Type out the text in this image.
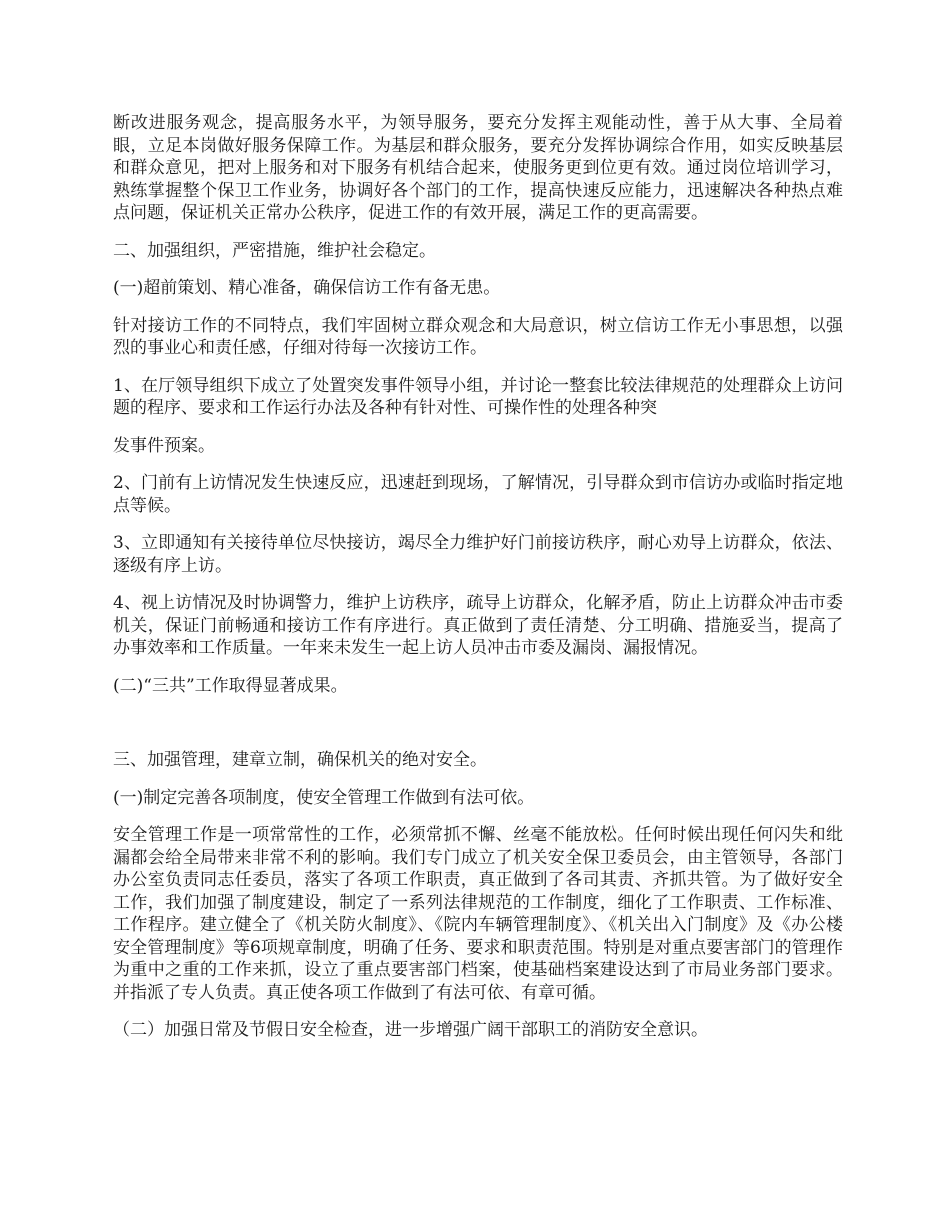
断改进服务观念，提高服务水平，为领导服务，要充分发挥主观能动性，善于从大事、全局着眼，立足本岗做好服务保障工作。为基层和群众服务，要充分发挥协调综合作用，如实反映基层和群众意见，把对上服务和对下服务有机结合起来，使服务更到位更有效。通过岗位培训学习，熟练掌握整个保卫工作业务，协调好各个部门的工作，提高快速反应能力，迅速解决各种热点难点问题，保证机关正常办公秩序，促进工作的有效开展，满足工作的更高需要。

二、加强组织，严密措施，维护社会稳定。

(一)超前策划、精心准备，确保信访工作有备无患。

针对接访工作的不同特点，我们牢固树立群众观念和大局意识，树立信访工作无小事思想，以强烈的事业心和责任感，仔细对待每一次接访工作。

1、在厅领导组织下成立了处置突发事件领导小组，并讨论一整套比较法律规范的处理群众上访问题的程序、要求和工作运行办法及各种有针对性、可操作性的处理各种突

发事件预案。

2、门前有上访情况发生快速反应，迅速赶到现场，了解情况，引导群众到市信访办或临时指定地点等候。

3、立即通知有关接待单位尽快接访，竭尽全力维护好门前接访秩序，耐心劝导上访群众，依法、逐级有序上访。

4、视上访情况及时协调警力，维护上访秩序，疏导上访群众，化解矛盾，防止上访群众冲击市委机关，保证门前畅通和接访工作有序进行。真正做到了责任清楚、分工明确、措施妥当，提高了办事效率和工作质量。一年来未发生一起上访人员冲击市委及漏岗、漏报情况。

(二)“三共”工作取得显著成果。

三、加强管理，建章立制，确保机关的绝对安全。

(一)制定完善各项制度，使安全管理工作做到有法可依。

安全管理工作是一项常常性的工作，必须常抓不懈、丝毫不能放松。任何时候出现任何闪失和纰漏都会给全局带来非常不利的影响。我们专门成立了机关安全保卫委员会，由主管领导，各部门办公室负责同志任委员，落实了各项工作职责，真正做到了各司其责、齐抓共管。为了做好安全工作，我们加强了制度建设，制定了一系列法律规范的工作制度，细化了工作职责、工作标准、工作程序。建立健全了《机关防火制度》、《院内车辆管理制度》、《机关出入门制度》及《办公楼安全管理制度》等6项规章制度，明确了任务、要求和职责范围。特别是对重点要害部门的管理作为重中之重的工作来抓，设立了重点要害部门档案，使基础档案建设达到了市局业务部门要求。并指派了专人负责。真正使各项工作做到了有法可依、有章可循。

（二）加强日常及节假日安全检查，进一步增强广阔干部职工的消防安全意识。
